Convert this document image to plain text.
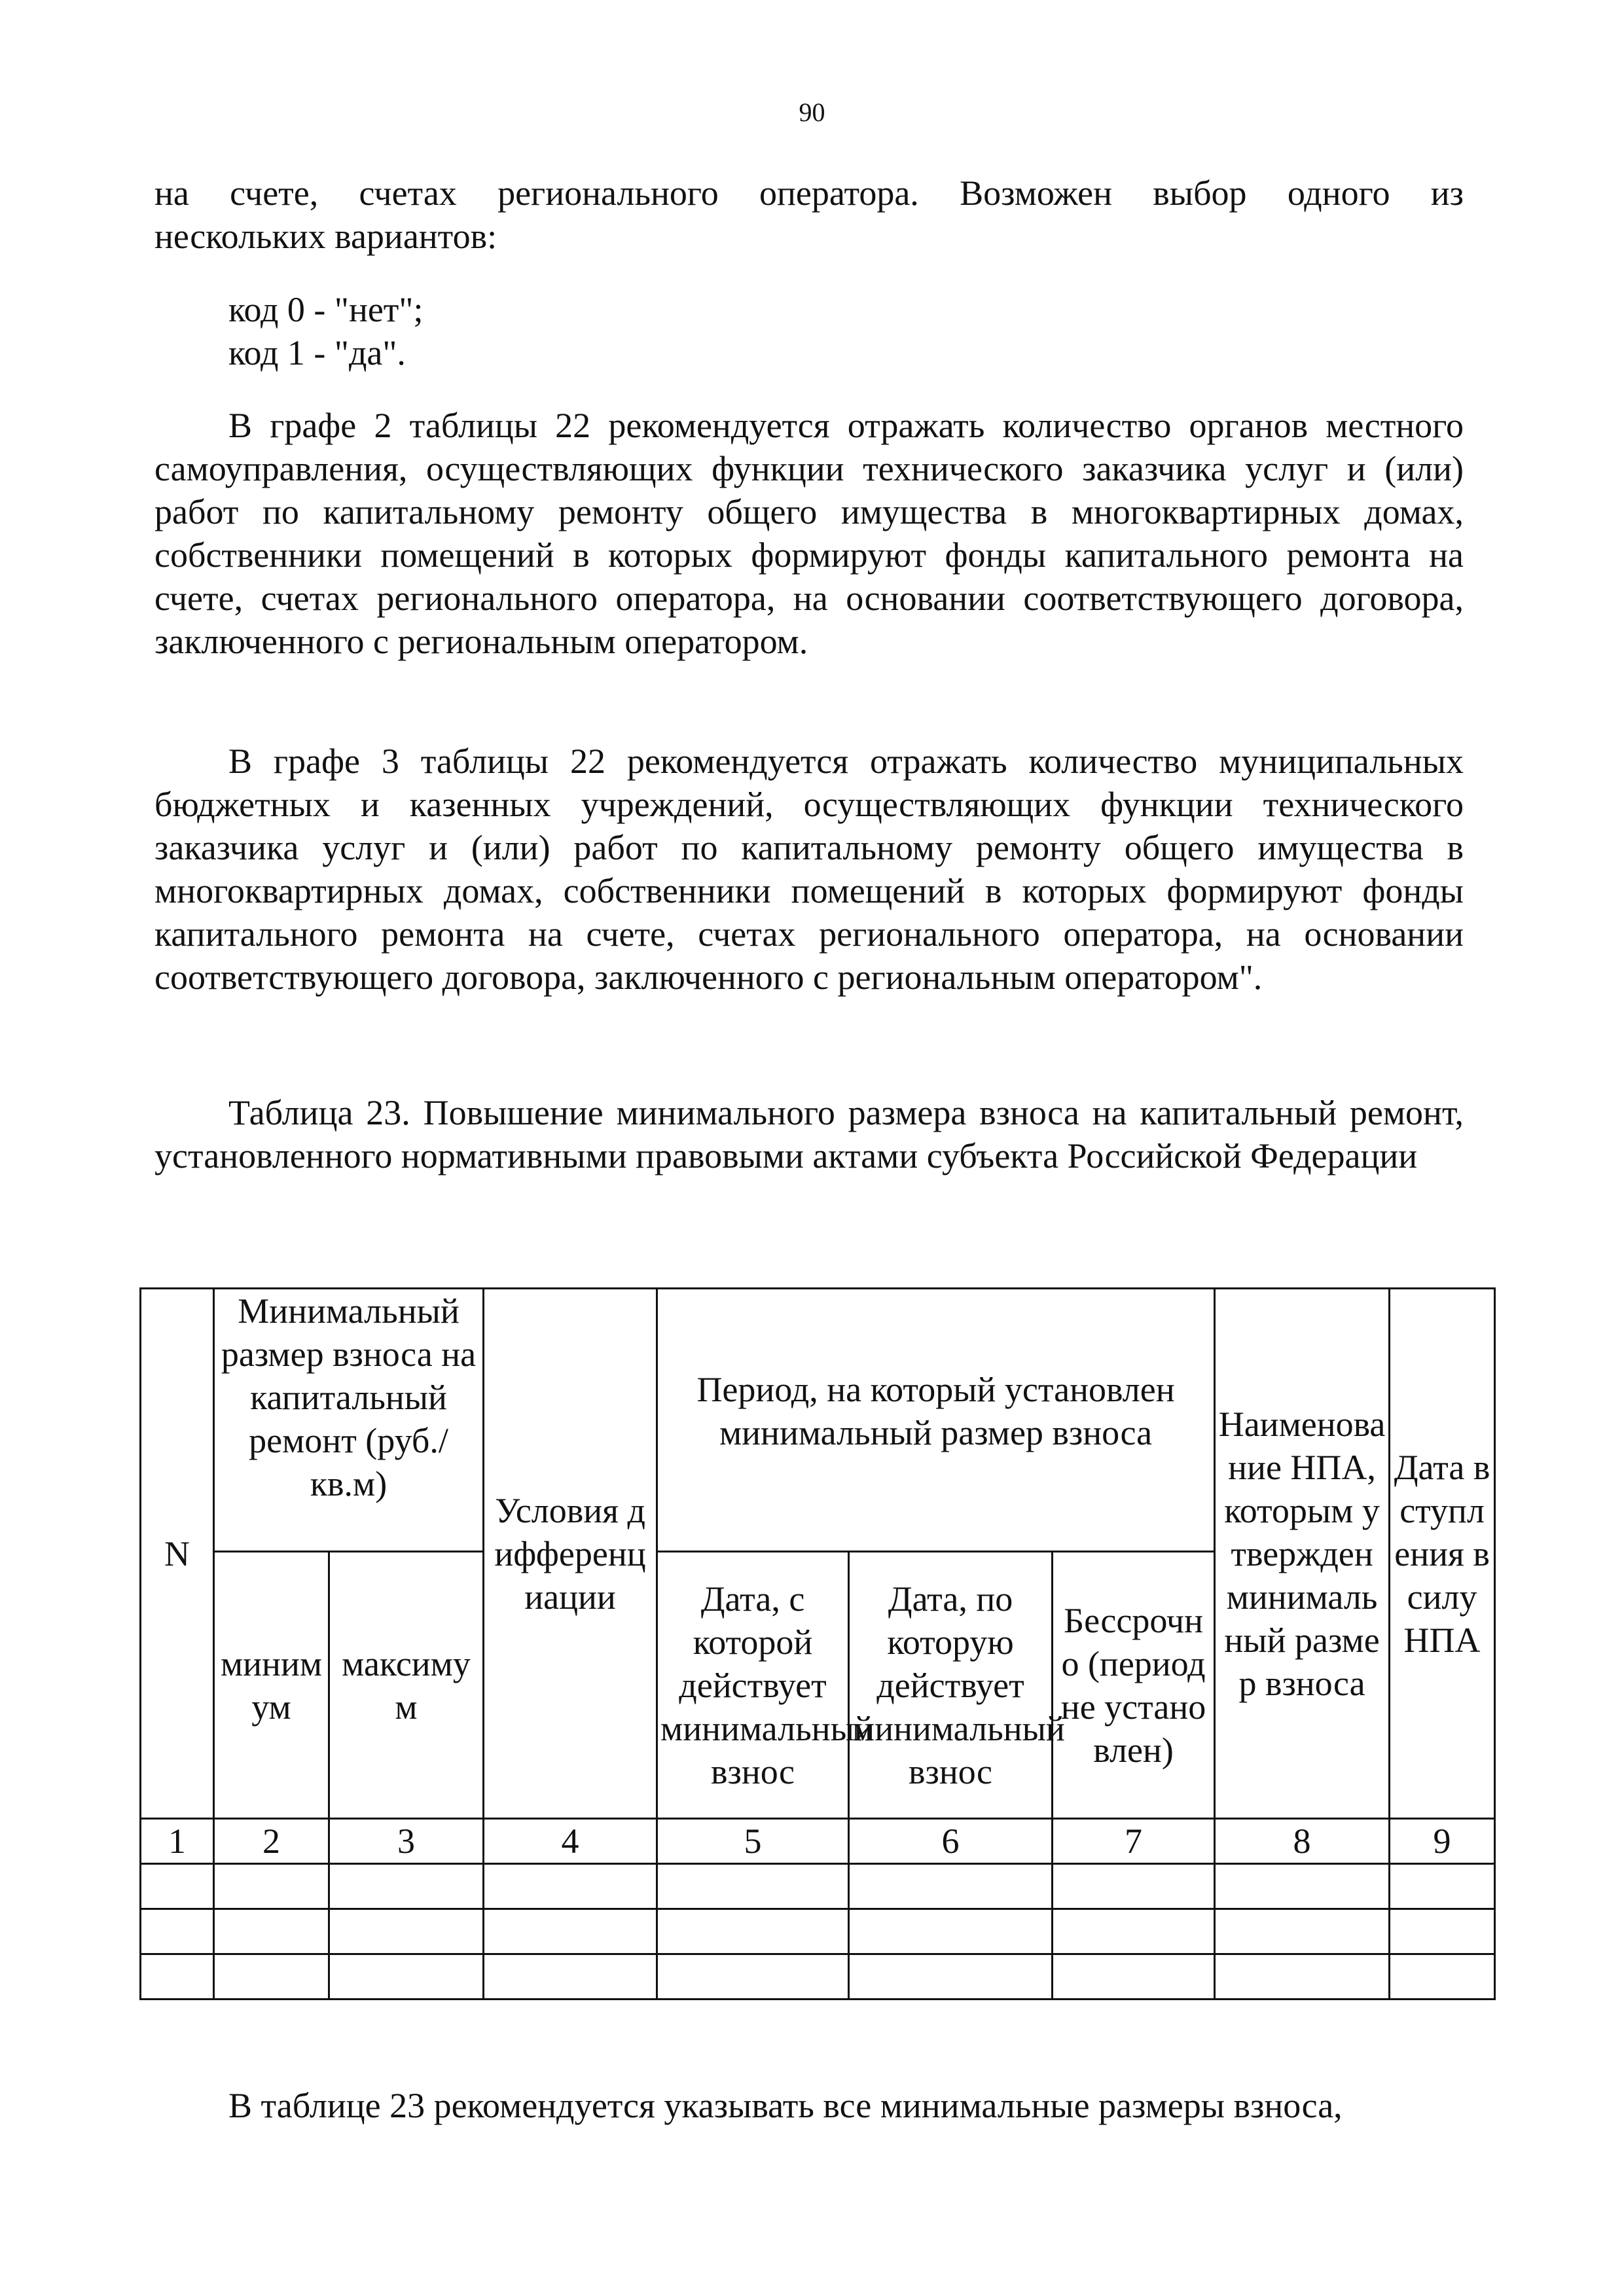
90
на счете, счетах регионального оператора. Возможен выбор одного из
нескольких вариантов:
код 0 - "нет";
код 1 - "да".
В графе 2 таблицы 22 рекомендуется отражать количество органов местного самоуправления, осуществляющих функции технического заказчика услуг и (или) работ по капитальному ремонту общего имущества в многоквартирных домах, собственники помещений в которых формируют фонды капитального ремонта на счете, счетах регионального оператора, на основании соответствующего договора, заключенного с региональным оператором.
В графе 3 таблицы 22 рекомендуется отражать количество муниципальных бюджетных и казенных учреждений, осуществляющих функции технического заказчика услуг и (или) работ по капитальному ремонту общего имущества в многоквартирных домах, собственники помещений в которых формируют фонды капитального ремонта на счете, счетах регионального оператора, на основании соответствующего договора, заключенного с региональным оператором".
Таблица 23. Повышение минимального размера взноса на капитальный ремонт, установленного нормативными правовыми актами субъекта Российской Федерации
N	Минимальный размер взноса на капитальный ремонт (руб./кв.м)		Условия дифференциации	Период, на который установлен минимальный размер взноса			Наименование НПА, которым утвержден минимальный размер взноса	Дата вступления в силу НПА

	минимум	максимум		Дата, с которой действует минимальный взнос	Дата, по которую действует минимальный взнос	Бессрочно (период не установлен)		

1	2	3	4	5	6	7	8	9

В таблице 23 рекомендуется указывать все минимальные размеры взноса,
